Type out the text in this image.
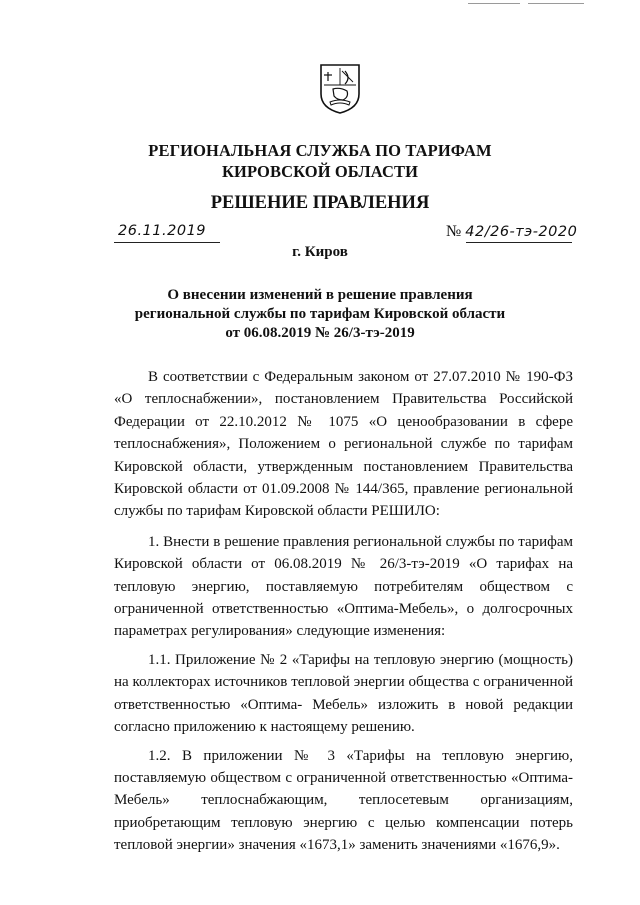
РЕГИОНАЛЬНАЯ СЛУЖБА ПО ТАРИФАМ
КИРОВСКОЙ ОБЛАСТИ
РЕШЕНИЕ ПРАВЛЕНИЯ
26.11.2019	№ 42/26-тэ-2020
г. Киров
О внесении изменений в решение правления
региональной службы по тарифам Кировской области
от 06.08.2019 № 26/3-тэ-2019

В соответствии с Федеральным законом от 27.07.2010 № 190-ФЗ «О теплоснабжении», постановлением Правительства Российской Федерации от 22.10.2012 № 1075 «О ценообразовании в сфере теплоснабжения», Положением о региональной службе по тарифам Кировской области, утвержденным постановлением Правительства Кировской области от 01.09.2008 № 144/365, правление региональной службы по тарифам Кировской области РЕШИЛО:

1. Внести в решение правления региональной службы по тарифам Кировской области от 06.08.2019 № 26/3-тэ-2019 «О тарифах на тепловую энергию, поставляемую потребителям обществом с ограниченной ответственностью «Оптима-Мебель», о долгосрочных параметрах регулирования» следующие изменения:

1.1. Приложение № 2 «Тарифы на тепловую энергию (мощность) на коллекторах источников тепловой энергии общества с ограниченной ответственностью «Оптима- Мебель» изложить в новой редакции согласно приложению к настоящему решению.

1.2. В приложении № 3 «Тарифы на тепловую энергию, поставляемую обществом с ограниченной ответственностью «Оптима-Мебель» теплоснабжающим, теплосетевым организациям, приобретающим тепловую энергию с целью компенсации потерь тепловой энергии» значения «1673,1» заменить значениями «1676,9».
